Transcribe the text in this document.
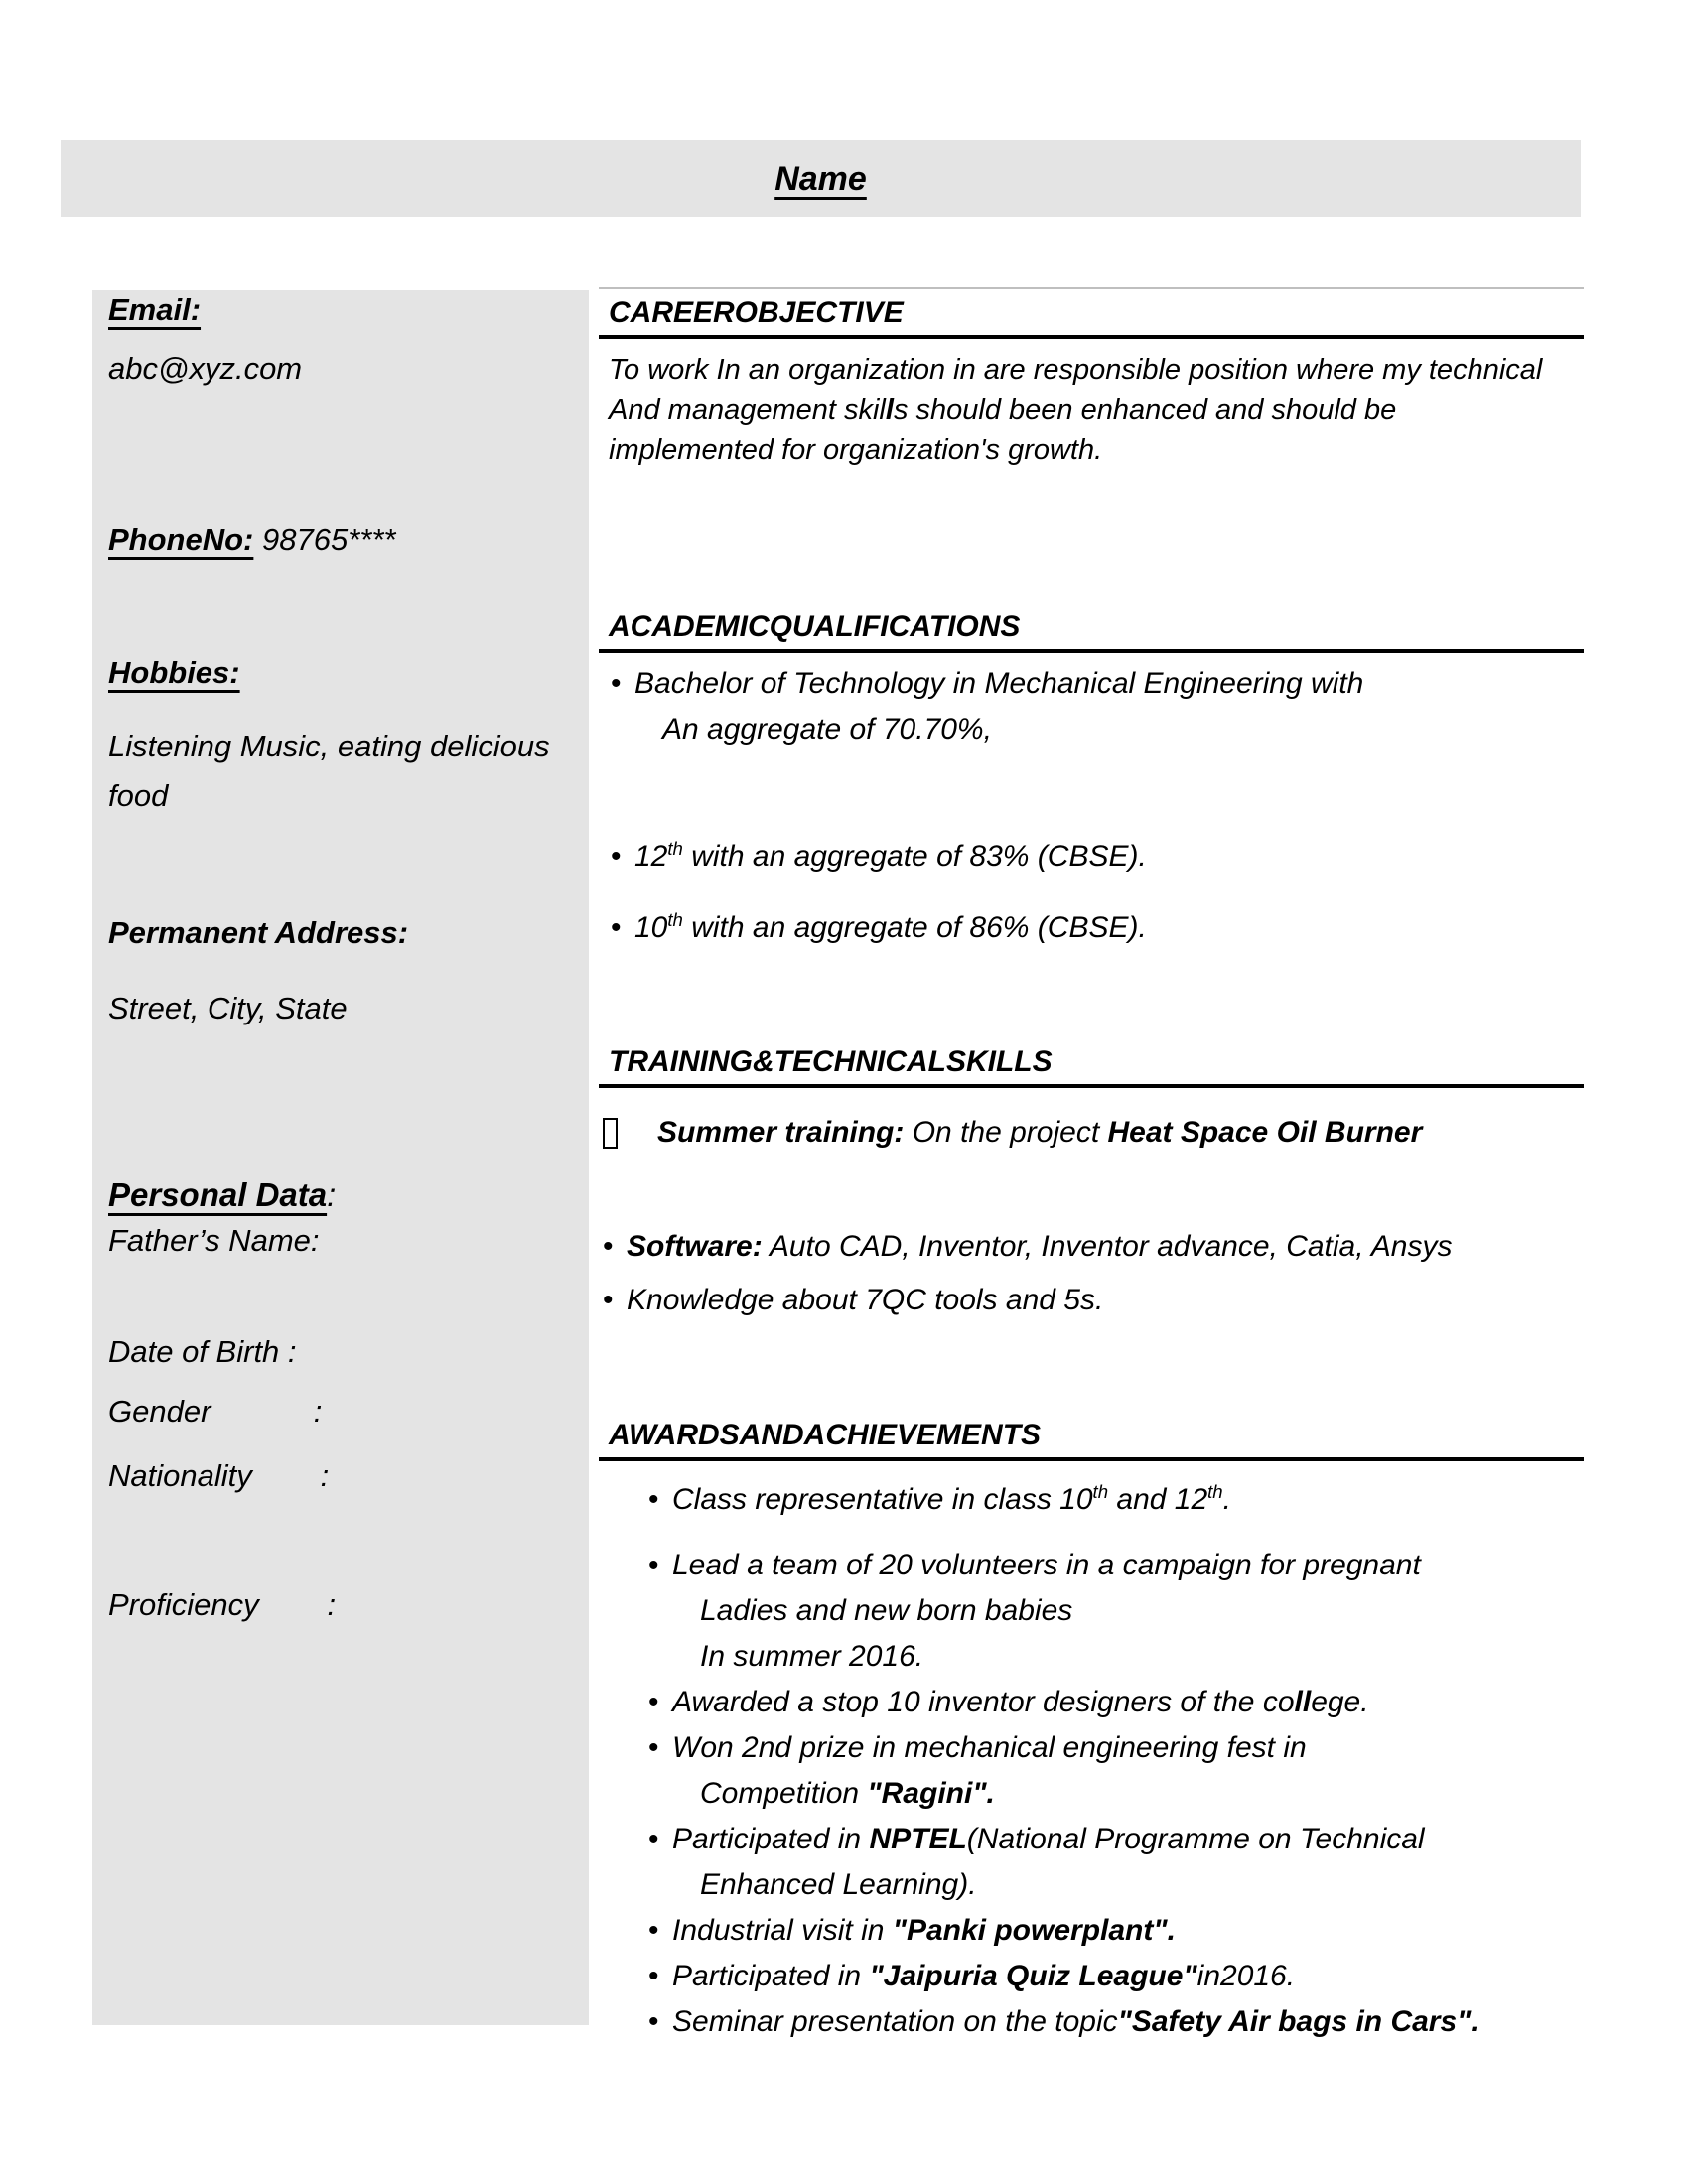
Name
Email:
abc@xyz.com
PhoneNo: 98765****
Hobbies:
Listening Music, eating delicious
food
Permanent Address:
Street, City, State
Personal Data:
Father’s Name:
Date of Birth :
Gender            :
Nationality        :
Proficiency        :
CAREEROBJECTIVE
To work In an organization in are responsible position where my technical
And management skills should been enhanced and should be
implemented for organization's growth.
ACADEMICQUALIFICATIONS
• Bachelor of Technology in Mechanical Engineering with
An aggregate of 70.70%,
• 12th with an aggregate of 83% (CBSE).
• 10th with an aggregate of 86% (CBSE).
TRAINING&TECHNICALSKILLS
Summer training: On the project Heat Space Oil Burner
• Software: Auto CAD, Inventor, Inventor advance, Catia, Ansys
• Knowledge about 7QC tools and 5s.
AWARDSANDACHIEVEMENTS
• Class representative in class 10th and 12th.
• Lead a team of 20 volunteers in a campaign for pregnant
Ladies and new born babies
In summer 2016.
• Awarded a stop 10 inventor designers of the college.
• Won 2nd prize in mechanical engineering fest in
Competition "Ragini".
• Participated in NPTEL(National Programme on Technical
Enhanced Learning).
• Industrial visit in "Panki powerplant".
• Participated in "Jaipuria Quiz League"in2016.
• Seminar presentation on the topic"Safety Air bags in Cars".
